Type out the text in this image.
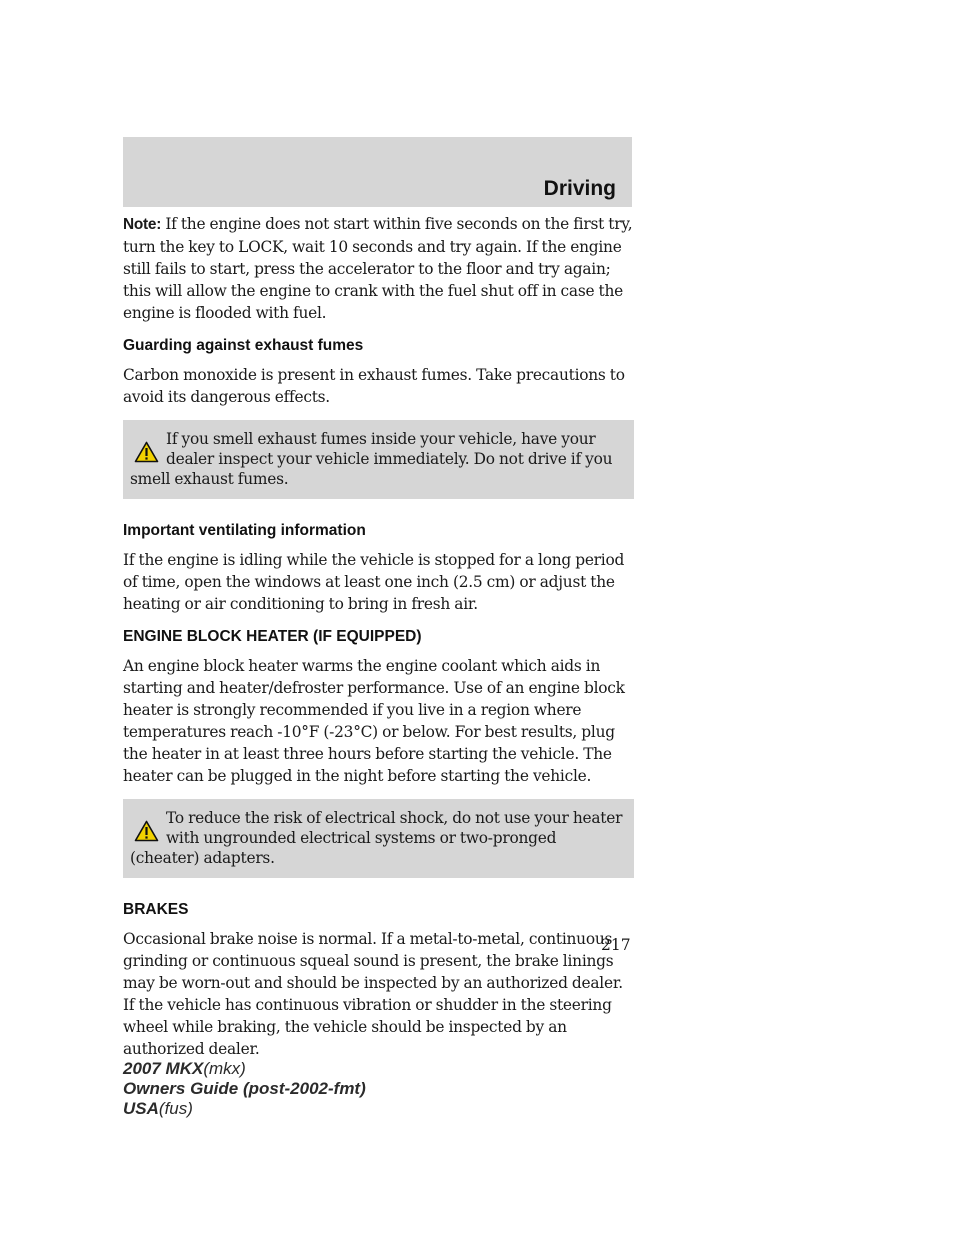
Driving

Note: If the engine does not start within five seconds on the first try, turn the key to LOCK, wait 10 seconds and try again. If the engine still fails to start, press the accelerator to the floor and try again; this will allow the engine to crank with the fuel shut off in case the engine is flooded with fuel.

Guarding against exhaust fumes

Carbon monoxide is present in exhaust fumes. Take precautions to avoid its dangerous effects.

If you smell exhaust fumes inside your vehicle, have your dealer inspect your vehicle immediately. Do not drive if you smell exhaust fumes.
Important ventilating information

If the engine is idling while the vehicle is stopped for a long period of time, open the windows at least one inch (2.5 cm) or adjust the heating or air conditioning to bring in fresh air.

ENGINE BLOCK HEATER (IF EQUIPPED)

An engine block heater warms the engine coolant which aids in starting and heater/defroster performance. Use of an engine block heater is strongly recommended if you live in a region where temperatures reach -10°F (-23°C) or below. For best results, plug the heater in at least three hours before starting the vehicle. The heater can be plugged in the night before starting the vehicle.

To reduce the risk of electrical shock, do not use your heater with ungrounded electrical systems or two-pronged (cheater) adapters.
BRAKES

Occasional brake noise is normal. If a metal-to-metal, continuous grinding or continuous squeal sound is present, the brake linings may be worn-out and should be inspected by an authorized dealer. If the vehicle has continuous vibration or shudder in the steering wheel while braking, the vehicle should be inspected by an authorized dealer.

217
2007 MKX(mkx)
Owners Guide (post-2002-fmt)
USA(fus)
